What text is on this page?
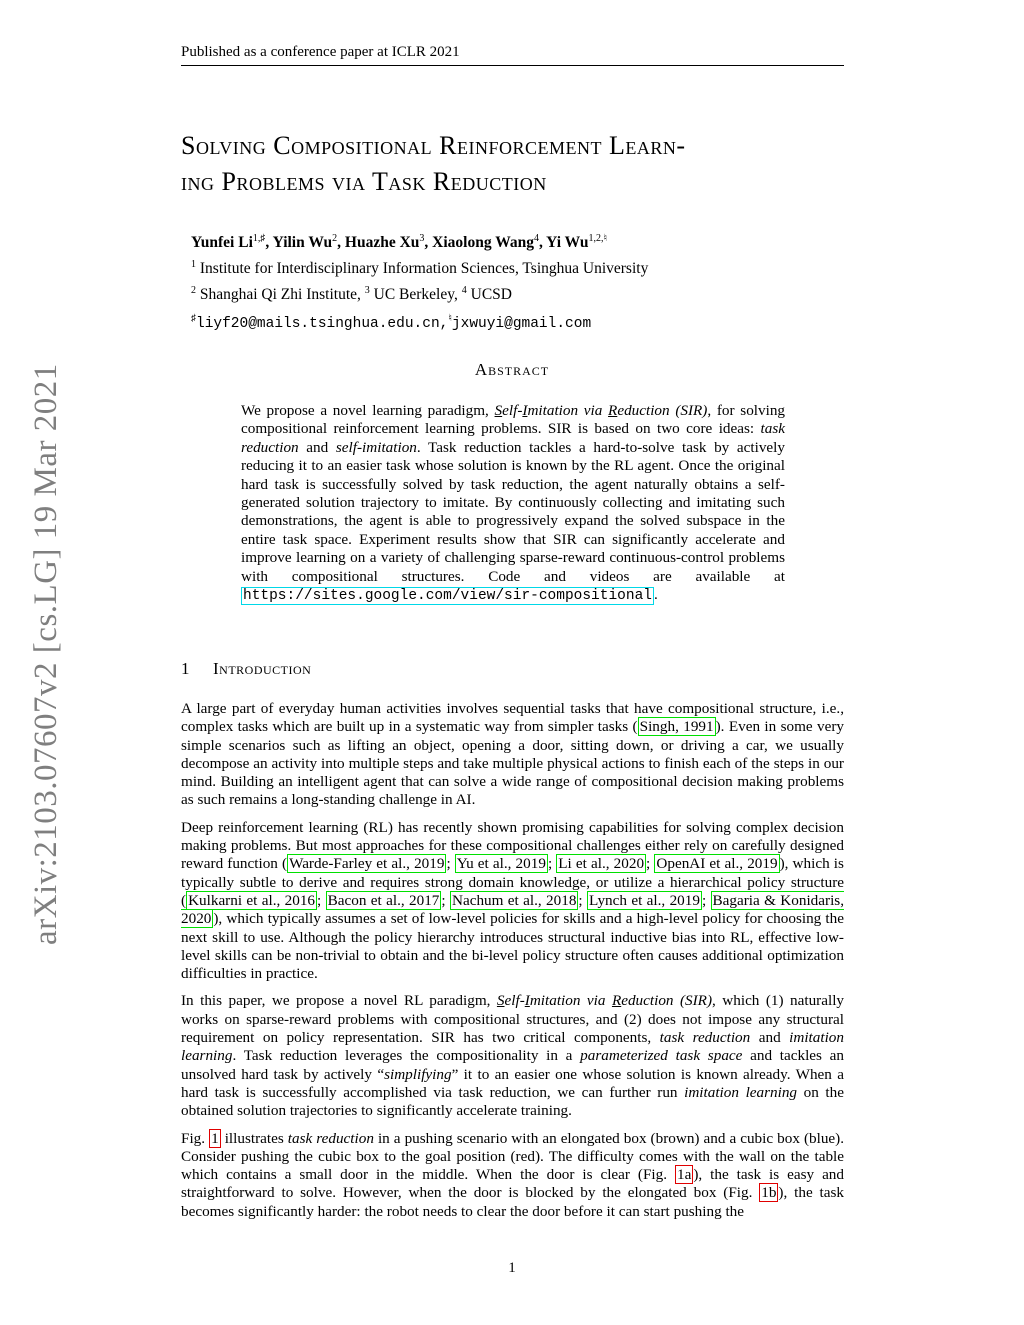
Published as a conference paper at ICLR 2021
Solving Compositional Reinforcement Learn-
ing Problems via Task Reduction
Yunfei $Li^{1,♯}$, Yilin Wu$^2$, Huazhe Xu$^3$, Xiaolong Wang$^4$, Yi $Wu^{1,2,♮}$
$^1$ Institute for Interdisciplinary Information Sciences, Tsinghua University
$^2$ Shanghai Qi Zhi Institute, $^3$ UC Berkeley, $^4$ UCSD
♯liyf20@mails.tsinghua.edu.cn,♮jxwuyi@gmail.com
arXiv:2103.07607v2 [cs.LG] 19 Mar 2021	Abstract
We propose a novel learning paradigm, Self-Imitation via Reduction (SIR), for solving compositional reinforcement learning problems. SIR is based on two core ideas: task reduction and self-imitation. Task reduction tackles a hard-to-solve task by actively reducing it to an easier task whose solution is known by the RL agent. Once the original hard task is successfully solved by task reduction, the agent naturally obtains a self-generated solution trajectory to imitate. By continuously collecting and imitating such demonstrations, the agent is able to progressively expand the solved subspace in the entire task space. Experiment results show that SIR can significantly accelerate and improve learning on a variety of challenging sparse-reward continuous-control problems with compositional structures. Code and videos are available at https://sites.google.com/view/sir-compositional .
1 Introduction

A large part of everyday human activities involves sequential tasks that have compositional structure, i.e., complex tasks which are built up in a systematic way from simpler tasks ( Singh, 1991 ). Even in some very simple scenarios such as lifting an object, opening a door, sitting down, or driving a car, we usually decompose an activity into multiple steps and take multiple physical actions to finish each of the steps in our mind. Building an intelligent agent that can solve a wide range of compositional decision making problems as such remains a long-standing challenge in AI.

Deep reinforcement learning (RL) has recently shown promising capabilities for solving complex decision making problems. But most approaches for these compositional challenges either rely on carefully designed reward function ( Warde-Farley et al., 2019 ; Yu et al., 2019 ; Li et al., 2020 ; OpenAI et al., 2019 ), which is typically subtle to derive and requires strong domain knowledge, or utilize a hierarchical policy structure ( Kulkarni et al., 2016 ; Bacon et al., 2017 ; Nachum et al., 2018 ; Lynch et al., 2019 ; Bagaria & Konidaris, 2020 ), which typically assumes a set of low-level policies for skills and a high-level policy for choosing the next skill to use. Although the policy hierarchy introduces structural inductive bias into RL, effective low-level skills can be non-trivial to obtain and the bi-level policy structure often causes additional optimization difficulties in practice.

In this paper, we propose a novel RL paradigm, Self-Imitation via Reduction (SIR), which (1) naturally works on sparse-reward problems with compositional structures, and (2) does not impose any structural requirement on policy representation. SIR has two critical components, task reduction and imitation learning. Task reduction leverages the compositionality in a parameterized task space and tackles an unsolved hard task by actively “simplifying” it to an easier one whose solution is known already. When a hard task is successfully accomplished via task reduction, we can further run imitation learning on the obtained solution trajectories to significantly accelerate training.

Fig. 1 illustrates task reduction in a pushing scenario with an elongated box (brown) and a cubic box (blue). Consider pushing the cubic box to the goal position (red). The difficulty comes with the wall on the table which contains a small door in the middle. When the door is clear (Fig. 1a ), the task is easy and straightforward to solve. However, when the door is blocked by the elongated box (Fig. 1b ), the task becomes significantly harder: the robot needs to clear the door before it can start pushing the

1
